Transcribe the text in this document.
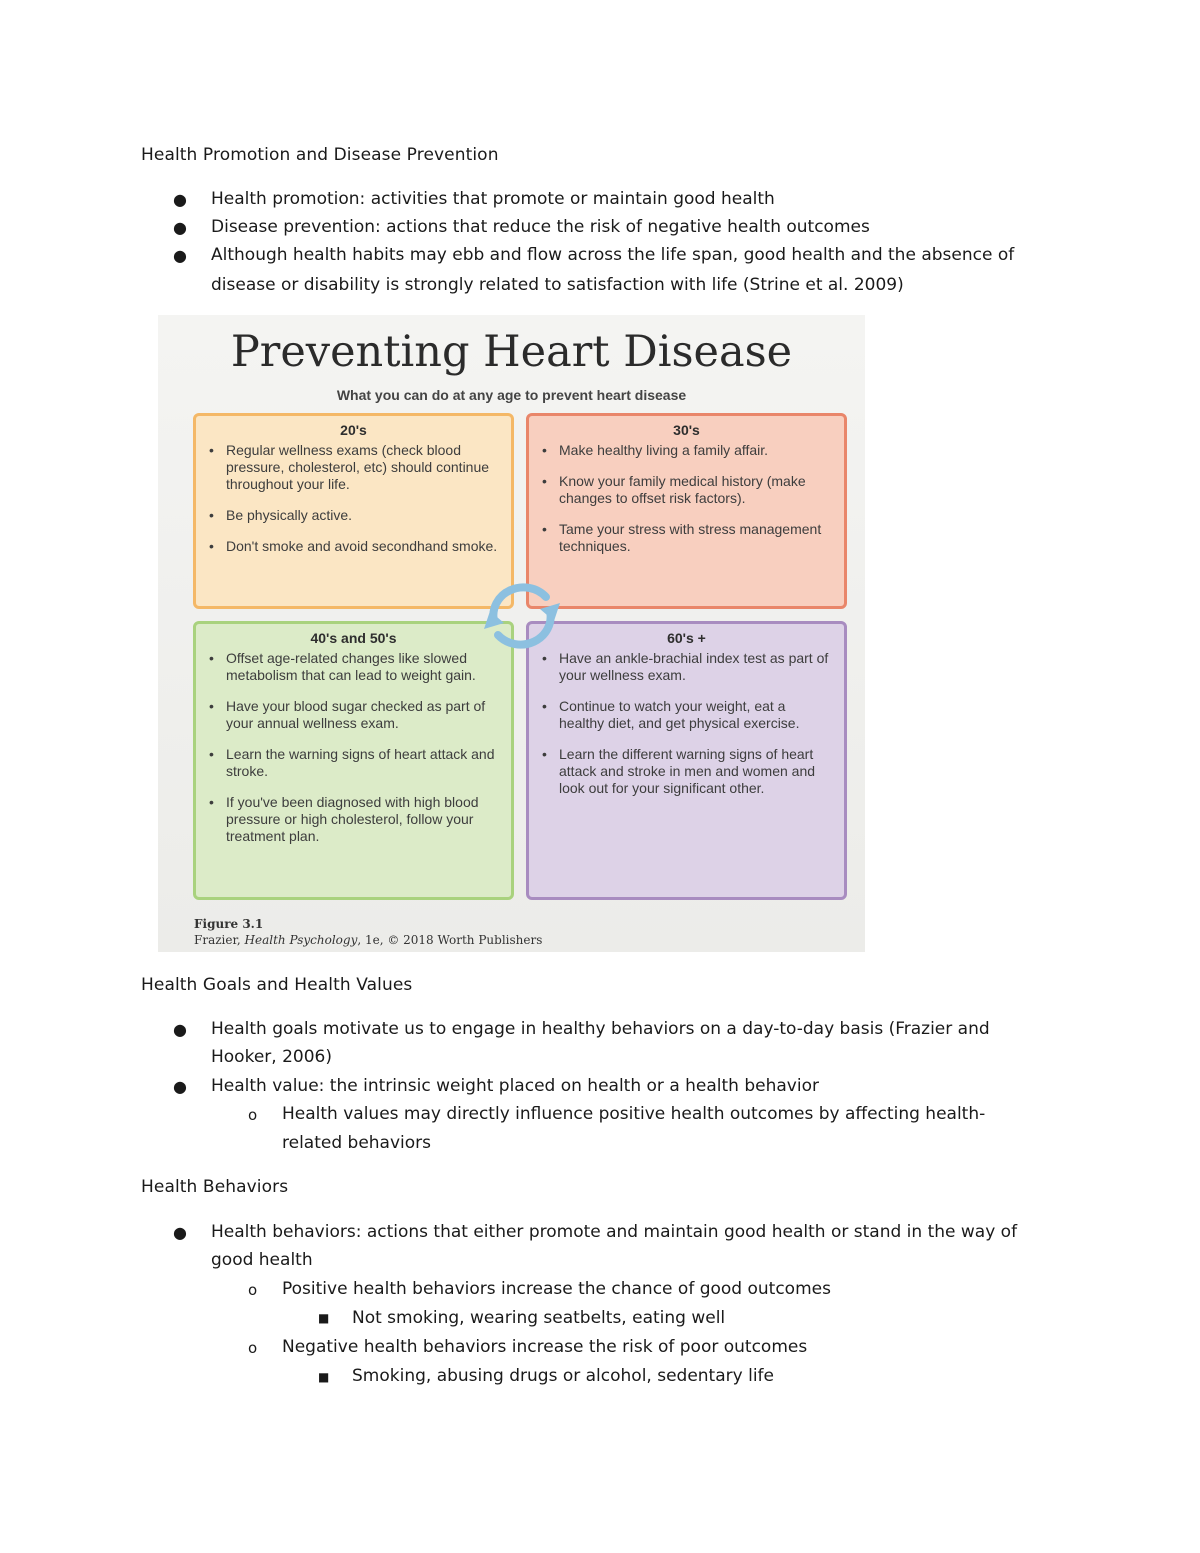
Health Promotion and Disease Prevention
● Health promotion: activities that promote or maintain good health
● Disease prevention: actions that reduce the risk of negative health outcomes
● Although health habits may ebb and flow across the life span, good health and the absence of
disease or disability is strongly related to satisfaction with life (Strine et al. 2009)
Preventing Heart Disease
What you can do at any age to prevent heart disease
20's
• Regular wellness exams (check blood pressure, cholesterol, etc) should continue throughout your life.
• Be physically active.
• Don't smoke and avoid secondhand smoke.
30's
• Make healthy living a family affair.
• Know your family medical history (make changes to offset risk factors).
• Tame your stress with stress management techniques.
40's and 50's
• Offset age-related changes like slowed metabolism that can lead to weight gain.
• Have your blood sugar checked as part of your annual wellness exam.
• Learn the warning signs of heart attack and stroke.
• If you've been diagnosed with high blood pressure or high cholesterol, follow your treatment plan.
60's +
• Have an ankle-brachial index test as part of your wellness exam.
• Continue to watch your weight, eat a healthy diet, and get physical exercise.
• Learn the different warning signs of heart attack and stroke in men and women and look out for your significant other.
Figure 3.1
Frazier, Health Psychology, 1e, © 2018 Worth Publishers
Health Goals and Health Values
● Health goals motivate us to engage in healthy behaviors on a day-to-day basis (Frazier and
Hooker, 2006)
● Health value: the intrinsic weight placed on health or a health behavior
o Health values may directly influence positive health outcomes by affecting health-
related behaviors
Health Behaviors
● Health behaviors: actions that either promote and maintain good health or stand in the way of
good health
o Positive health behaviors increase the chance of good outcomes
■ Not smoking, wearing seatbelts, eating well
o Negative health behaviors increase the risk of poor outcomes
■ Smoking, abusing drugs or alcohol, sedentary life
